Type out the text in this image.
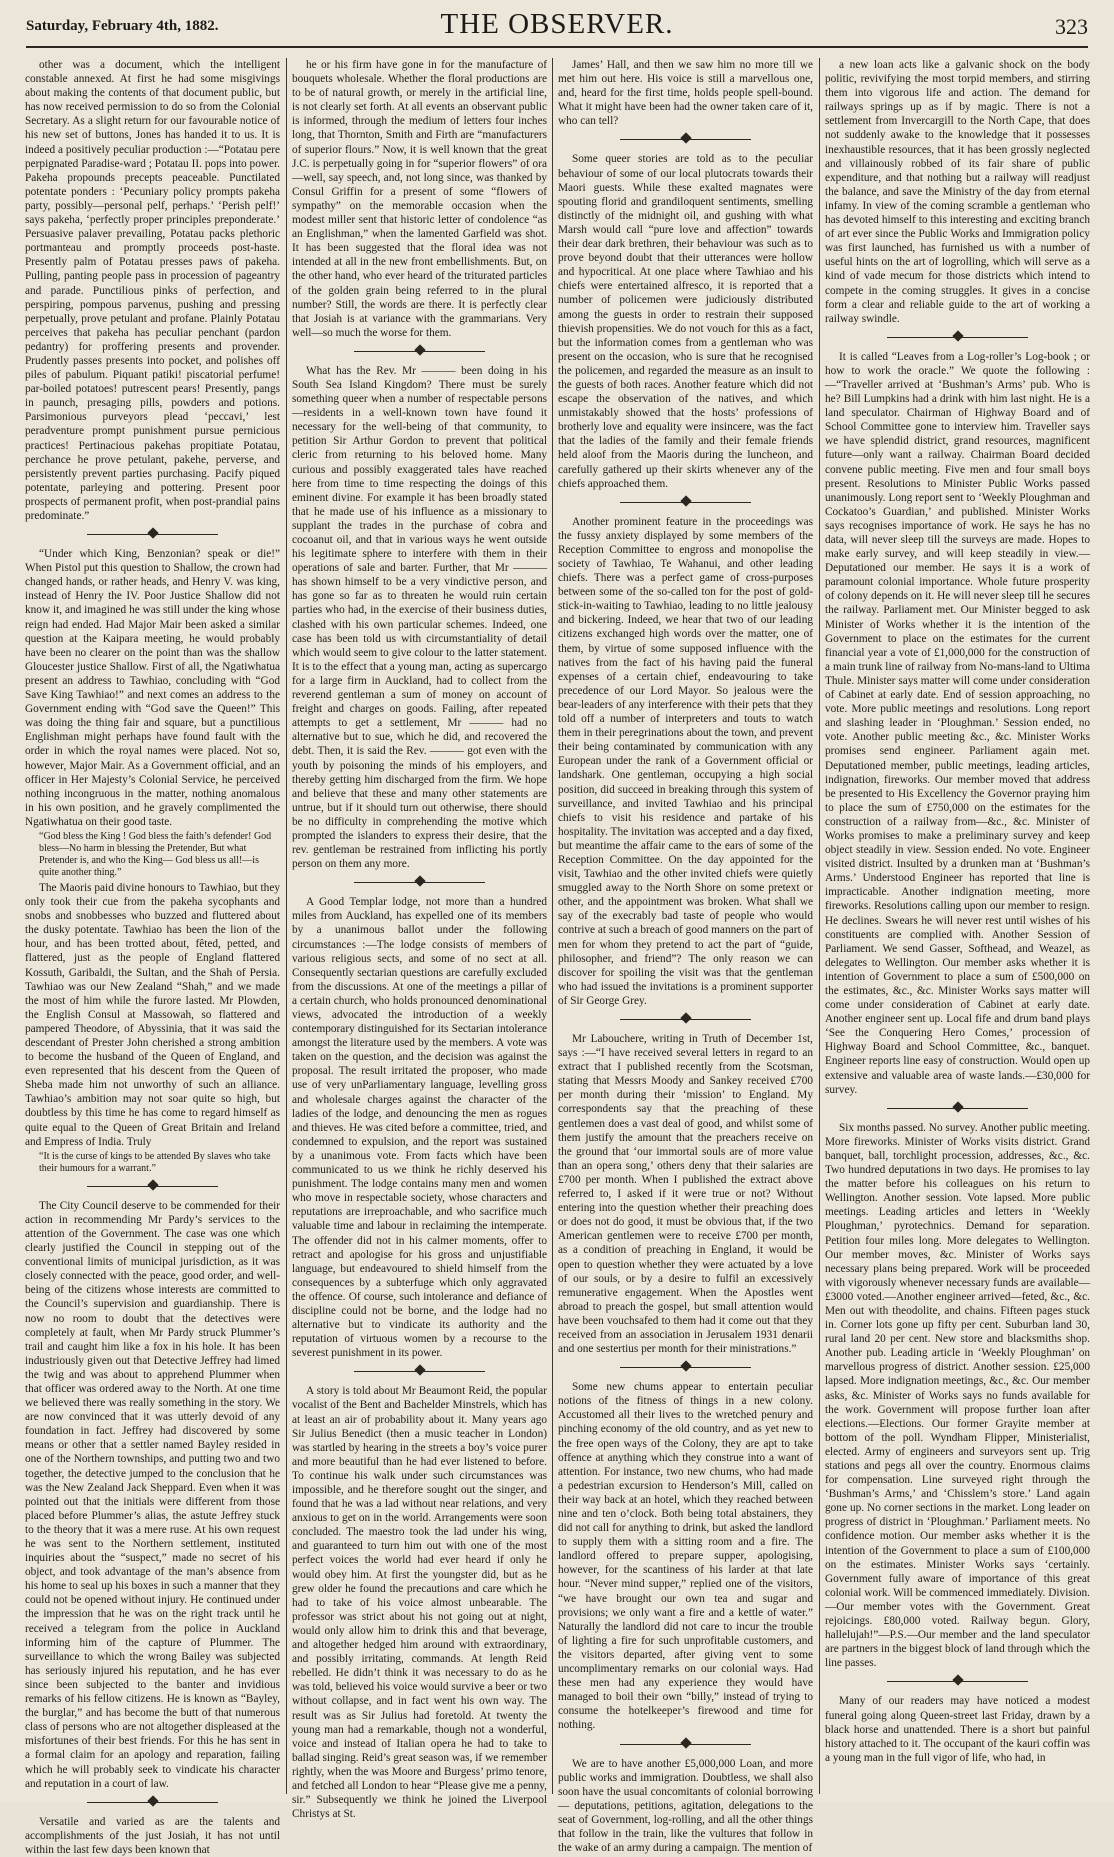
Saturday, February 4th, 1882.	THE OBSERVER.	323

other was a document, which the intelligent constable annexed. At first he had some misgivings about making the contents of that document public, but has now received permission to do so from the Colonial Secretary. As a slight return for our favourable notice of his new set of buttons, Jones has handed it to us. It is indeed a positively peculiar production :—“Potatau pere perpignated Paradise-ward ; Potatau II. pops into power. Pakeha propounds precepts peaceable. Punctilated potentate ponders : ‘Pecuniary policy prompts pakeha party, possibly—personal pelf, perhaps.’ ‘Perish pelf!’ says pakeha, ‘perfectly proper principles preponderate.’ Persuasive palaver prevailing, Potatau packs plethoric portmanteau and promptly proceeds post-haste. Presently palm of Potatau presses paws of pakeha. Pulling, panting people pass in procession of pageantry and parade. Punctilious pinks of perfection, and perspiring, pompous parvenus, pushing and pressing perpetually, prove petulant and profane. Plainly Potatau perceives that pakeha has peculiar penchant (pardon pedantry) for proffering presents and provender. Prudently passes presents into pocket, and polishes off piles of pabulum. Piquant patiki! piscatorial perfume! par-boiled potatoes! putrescent pears! Presently, pangs in paunch, presaging pills, powders and potions. Parsimonious purveyors plead ‘peccavi,’ lest peradventure prompt punishment pursue pernicious practices! Pertinacious pakehas propitiate Potatau, perchance he prove petulant, pakehe, perverse, and persistently prevent parties purchasing. Pacify piqued potentate, parleying and pottering. Present poor prospects of permanent profit, when post-prandial pains predominate.”

“Under which King, Benzonian? speak or die!” When Pistol put this question to Shallow, the crown had changed hands, or rather heads, and Henry V. was king, instead of Henry the IV. Poor Justice Shallow did not know it, and imagined he was still under the king whose reign had ended. Had Major Mair been asked a similar question at the Kaipara meeting, he would probably have been no clearer on the point than was the shallow Gloucester justice Shallow. First of all, the Ngatiwhatua present an address to Tawhiao, concluding with “God Save King Tawhiao!” and next comes an address to the Government ending with “God save the Queen!” This was doing the thing fair and square, but a punctilious Englishman might perhaps have found fault with the order in which the royal names were placed. Not so, however, Major Mair. As a Government official, and an officer in Her Majesty’s Colonial Service, he perceived nothing incongruous in the matter, nothing anomalous in his own position, and he gravely complimented the Ngatiwhatua on their good taste.

“God bless the King ! God bless the faith’s defender! God bless—No harm in blessing the Pretender, But what Pretender is, and who the King— God bless us all!—is quite another thing.”

The Maoris paid divine honours to Tawhiao, but they only took their cue from the pakeha sycophants and snobs and snobbesses who buzzed and fluttered about the dusky potentate. Tawhiao has been the lion of the hour, and has been trotted about, fêted, petted, and flattered, just as the people of England flattered Kossuth, Garibaldi, the Sultan, and the Shah of Persia. Tawhiao was our New Zealand “Shah,” and we made the most of him while the furore lasted. Mr Plowden, the English Consul at Massowah, so flattered and pampered Theodore, of Abyssinia, that it was said the descendant of Prester John cherished a strong ambition to become the husband of the Queen of England, and even represented that his descent from the Queen of Sheba made him not unworthy of such an alliance. Tawhiao’s ambition may not soar quite so high, but doubtless by this time he has come to regard himself as quite equal to the Queen of Great Britain and Ireland and Empress of India. Truly

“It is the curse of kings to be attended By slaves who take their humours for a warrant.”

The City Council deserve to be commended for their action in recommending Mr Pardy’s services to the attention of the Government. The case was one which clearly justified the Council in stepping out of the conventional limits of municipal jurisdiction, as it was closely connected with the peace, good order, and well-being of the citizens whose interests are committed to the Council’s supervision and guardianship. There is now no room to doubt that the detectives were completely at fault, when Mr Pardy struck Plummer’s trail and caught him like a fox in his hole. It has been industriously given out that Detective Jeffrey had limed the twig and was about to apprehend Plummer when that officer was ordered away to the North. At one time we believed there was really something in the story. We are now convinced that it was utterly devoid of any foundation in fact. Jeffrey had discovered by some means or other that a settler named Bayley resided in one of the Northern townships, and putting two and two together, the detective jumped to the conclusion that he was the New Zealand Jack Sheppard. Even when it was pointed out that the initials were different from those placed before Plummer’s alias, the astute Jeffrey stuck to the theory that it was a mere ruse. At his own request he was sent to the Northern settlement, instituted inquiries about the “suspect,” made no secret of his object, and took advantage of the man’s absence from his home to seal up his boxes in such a manner that they could not be opened without injury. He continued under the impression that he was on the right track until he received a telegram from the police in Auckland informing him of the capture of Plummer. The surveillance to which the wrong Bailey was subjected has seriously injured his reputation, and he has ever since been subjected to the banter and invidious remarks of his fellow citizens. He is known as “Bayley, the burglar,” and has become the butt of that numerous class of persons who are not altogether displeased at the misfortunes of their best friends. For this he has sent in a formal claim for an apology and reparation, failing which he will probably seek to vindicate his character and reputation in a court of law.

Versatile and varied as are the talents and accomplishments of the just Josiah, it has not until within the last few days been known that

he or his firm have gone in for the manufacture of bouquets wholesale. Whether the floral productions are to be of natural growth, or merely in the artificial line, is not clearly set forth. At all events an observant public is informed, through the medium of letters four inches long, that Thornton, Smith and Firth are “manufacturers of superior flours.” Now, it is well known that the great J.C. is perpetually going in for “superior flowers” of ora—well, say speech, and, not long since, was thanked by Consul Griffin for a present of some “flowers of sympathy” on the memorable occasion when the modest miller sent that historic letter of condolence “as an Englishman,” when the lamented Garfield was shot. It has been suggested that the floral idea was not intended at all in the new front embellishments. But, on the other hand, who ever heard of the triturated particles of the golden grain being referred to in the plural number? Still, the words are there. It is perfectly clear that Josiah is at variance with the grammarians. Very well—so much the worse for them.

What has the Rev. Mr ——— been doing in his South Sea Island Kingdom? There must be surely something queer when a number of respectable persons—residents in a well-known town have found it necessary for the well-being of that community, to petition Sir Arthur Gordon to prevent that political cleric from returning to his beloved home. Many curious and possibly exaggerated tales have reached here from time to time respecting the doings of this eminent divine. For example it has been broadly stated that he made use of his influence as a missionary to supplant the trades in the purchase of cobra and cocoanut oil, and that in various ways he went outside his legitimate sphere to interfere with them in their operations of sale and barter. Further, that Mr ——— has shown himself to be a very vindictive person, and has gone so far as to threaten he would ruin certain parties who had, in the exercise of their business duties, clashed with his own particular schemes. Indeed, one case has been told us with circumstantiality of detail which would seem to give colour to the latter statement. It is to the effect that a young man, acting as supercargo for a large firm in Auckland, had to collect from the reverend gentleman a sum of money on account of freight and charges on goods. Failing, after repeated attempts to get a settlement, Mr ——— had no alternative but to sue, which he did, and recovered the debt. Then, it is said the Rev. ——— got even with the youth by poisoning the minds of his employers, and thereby getting him discharged from the firm. We hope and believe that these and many other statements are untrue, but if it should turn out otherwise, there should be no difficulty in comprehending the motive which prompted the islanders to express their desire, that the rev. gentleman be restrained from inflicting his portly person on them any more.

A Good Templar lodge, not more than a hundred miles from Auckland, has expelled one of its members by a unanimous ballot under the following circumstances :—The lodge consists of members of various religious sects, and some of no sect at all. Consequently sectarian questions are carefully excluded from the discussions. At one of the meetings a pillar of a certain church, who holds pronounced denominational views, advocated the introduction of a weekly contemporary distinguished for its Sectarian intolerance amongst the literature used by the members. A vote was taken on the question, and the decision was against the proposal. The result irritated the proposer, who made use of very unParliamentary language, levelling gross and wholesale charges against the character of the ladies of the lodge, and denouncing the men as rogues and thieves. He was cited before a committee, tried, and condemned to expulsion, and the report was sustained by a unanimous vote. From facts which have been communicated to us we think he richly deserved his punishment. The lodge contains many men and women who move in respectable society, whose characters and reputations are irreproachable, and who sacrifice much valuable time and labour in reclaiming the intemperate. The offender did not in his calmer moments, offer to retract and apologise for his gross and unjustifiable language, but endeavoured to shield himself from the consequences by a subterfuge which only aggravated the offence. Of course, such intolerance and defiance of discipline could not be borne, and the lodge had no alternative but to vindicate its authority and the reputation of virtuous women by a recourse to the severest punishment in its power.

A story is told about Mr Beaumont Reid, the popular vocalist of the Bent and Bachelder Minstrels, which has at least an air of probability about it. Many years ago Sir Julius Benedict (then a music teacher in London) was startled by hearing in the streets a boy’s voice purer and more beautiful than he had ever listened to before. To continue his walk under such circumstances was impossible, and he therefore sought out the singer, and found that he was a lad without near relations, and very anxious to get on in the world. Arrangements were soon concluded. The maestro took the lad under his wing, and guaranteed to turn him out with one of the most perfect voices the world had ever heard if only he would obey him. At first the youngster did, but as he grew older he found the precautions and care which he had to take of his voice almost unbearable. The professor was strict about his not going out at night, would only allow him to drink this and that beverage, and altogether hedged him around with extraordinary, and possibly irritating, commands. At length Reid rebelled. He didn’t think it was necessary to do as he was told, believed his voice would survive a beer or two without collapse, and in fact went his own way. The result was as Sir Julius had foretold. At twenty the young man had a remarkable, though not a wonderful, voice and instead of Italian opera he had to take to ballad singing. Reid’s great season was, if we remember rightly, when the was Moore and Burgess’ primo tenore, and fetched all London to hear “Please give me a penny, sir.” Subsequently we think he joined the Liverpool Christys at St.

James’ Hall, and then we saw him no more till we met him out here. His voice is still a marvellous one, and, heard for the first time, holds people spell-bound. What it might have been had the owner taken care of it, who can tell?

Some queer stories are told as to the peculiar behaviour of some of our local plutocrats towards their Maori guests. While these exalted magnates were spouting florid and grandiloquent sentiments, smelling distinctly of the midnight oil, and gushing with what Marsh would call “pure love and affection” towards their dear dark brethren, their behaviour was such as to prove beyond doubt that their utterances were hollow and hypocritical. At one place where Tawhiao and his chiefs were entertained alfresco, it is reported that a number of policemen were judiciously distributed among the guests in order to restrain their supposed thievish propensities. We do not vouch for this as a fact, but the information comes from a gentleman who was present on the occasion, who is sure that he recognised the policemen, and regarded the measure as an insult to the guests of both races. Another feature which did not escape the observation of the natives, and which unmistakably showed that the hosts’ professions of brotherly love and equality were insincere, was the fact that the ladies of the family and their female friends held aloof from the Maoris during the luncheon, and carefully gathered up their skirts whenever any of the chiefs approached them.

Another prominent feature in the proceedings was the fussy anxiety displayed by some members of the Reception Committee to engross and monopolise the society of Tawhiao, Te Wahanui, and other leading chiefs. There was a perfect game of cross-purposes between some of the so-called ton for the post of gold-stick-in-waiting to Tawhiao, leading to no little jealousy and bickering. Indeed, we hear that two of our leading citizens exchanged high words over the matter, one of them, by virtue of some supposed influence with the natives from the fact of his having paid the funeral expenses of a certain chief, endeavouring to take precedence of our Lord Mayor. So jealous were the bear-leaders of any interference with their pets that they told off a number of interpreters and touts to watch them in their peregrinations about the town, and prevent their being contaminated by communication with any European under the rank of a Government official or landshark. One gentleman, occupying a high social position, did succeed in breaking through this system of surveillance, and invited Tawhiao and his principal chiefs to visit his residence and partake of his hospitality. The invitation was accepted and a day fixed, but meantime the affair came to the ears of some of the Reception Committee. On the day appointed for the visit, Tawhiao and the other invited chiefs were quietly smuggled away to the North Shore on some pretext or other, and the appointment was broken. What shall we say of the execrably bad taste of people who would contrive at such a breach of good manners on the part of men for whom they pretend to act the part of “guide, philosopher, and friend”? The only reason we can discover for spoiling the visit was that the gentleman who had issued the invitations is a prominent supporter of Sir George Grey.

Mr Labouchere, writing in Truth of December 1st, says :—“I have received several letters in regard to an extract that I published recently from the Scotsman, stating that Messrs Moody and Sankey received £700 per month during their ‘mission’ to England. My correspondents say that the preaching of these gentlemen does a vast deal of good, and whilst some of them justify the amount that the preachers receive on the ground that ‘our immortal souls are of more value than an opera song,’ others deny that their salaries are £700 per month. When I published the extract above referred to, I asked if it were true or not? Without entering into the question whether their preaching does or does not do good, it must be obvious that, if the two American gentlemen were to receive £700 per month, as a condition of preaching in England, it would be open to question whether they were actuated by a love of our souls, or by a desire to fulfil an excessively remunerative engagement. When the Apostles went abroad to preach the gospel, but small attention would have been vouchsafed to them had it come out that they received from an association in Jerusalem 1931 denarii and one sestertius per month for their ministrations.”

Some new chums appear to entertain peculiar notions of the fitness of things in a new colony. Accustomed all their lives to the wretched penury and pinching economy of the old country, and as yet new to the free open ways of the Colony, they are apt to take offence at anything which they construe into a want of attention. For instance, two new chums, who had made a pedestrian excursion to Henderson’s Mill, called on their way back at an hotel, which they reached between nine and ten o’clock. Both being total abstainers, they did not call for anything to drink, but asked the landlord to supply them with a sitting room and a fire. The landlord offered to prepare supper, apologising, however, for the scantiness of his larder at that late hour. “Never mind supper,” replied one of the visitors, “we have brought our own tea and sugar and provisions; we only want a fire and a kettle of water.” Naturally the landlord did not care to incur the trouble of lighting a fire for such unprofitable customers, and the visitors departed, after giving vent to some uncomplimentary remarks on our colonial ways. Had these men had any experience they would have managed to boil their own “billy,” instead of trying to consume the hotelkeeper’s firewood and time for nothing.

We are to have another £5,000,000 Loan, and more public works and immigration. Doubtless, we shall also soon have the usual concomitants of colonial borrowing — deputations, petitions, agitation, delegations to the seat of Government, log-rolling, and all the other things that follow in the train, like the vultures that follow in the wake of an army during a campaign. The mention of

a new loan acts like a galvanic shock on the body politic, revivifying the most torpid members, and stirring them into vigorous life and action. The demand for railways springs up as if by magic. There is not a settlement from Invercargill to the North Cape, that does not suddenly awake to the knowledge that it possesses inexhaustible resources, that it has been grossly neglected and villainously robbed of its fair share of public expenditure, and that nothing but a railway will readjust the balance, and save the Ministry of the day from eternal infamy. In view of the coming scramble a gentleman who has devoted himself to this interesting and exciting branch of art ever since the Public Works and Immigration policy was first launched, has furnished us with a number of useful hints on the art of logrolling, which will serve as a kind of vade mecum for those districts which intend to compete in the coming struggles. It gives in a concise form a clear and reliable guide to the art of working a railway swindle.

It is called “Leaves from a Log-roller’s Log-book ; or how to work the oracle.” We quote the following :—“Traveller arrived at ‘Bushman’s Arms’ pub. Who is he? Bill Lumpkins had a drink with him last night. He is a land speculator. Chairman of Highway Board and of School Committee gone to interview him. Traveller says we have splendid district, grand resources, magnificent future—only want a railway. Chairman Board decided convene public meeting. Five men and four small boys present. Resolutions to Minister Public Works passed unanimously. Long report sent to ‘Weekly Ploughman and Cockatoo’s Guardian,’ and published. Minister Works says recognises importance of work. He says he has no data, will never sleep till the surveys are made. Hopes to make early survey, and will keep steadily in view.—Deputationed our member. He says it is a work of paramount colonial importance. Whole future prosperity of colony depends on it. He will never sleep till he secures the railway. Parliament met. Our Minister begged to ask Minister of Works whether it is the intention of the Government to place on the estimates for the current financial year a vote of £1,000,000 for the construction of a main trunk line of railway from No-mans-land to Ultima Thule. Minister says matter will come under consideration of Cabinet at early date. End of session approaching, no vote. More public meetings and resolutions. Long report and slashing leader in ‘Ploughman.’ Session ended, no vote. Another public meeting &c., &c. Minister Works promises send engineer. Parliament again met. Deputationed member, public meetings, leading articles, indignation, fireworks. Our member moved that address be presented to His Excellency the Governor praying him to place the sum of £750,000 on the estimates for the construction of a railway from—&c., &c. Minister of Works promises to make a preliminary survey and keep object steadily in view. Session ended. No vote. Engineer visited district. Insulted by a drunken man at ‘Bushman’s Arms.’ Understood Engineer has reported that line is impracticable. Another indignation meeting, more fireworks. Resolutions calling upon our member to resign. He declines. Swears he will never rest until wishes of his constituents are complied with. Another Session of Parliament. We send Gasser, Softhead, and Weazel, as delegates to Wellington. Our member asks whether it is intention of Government to place a sum of £500,000 on the estimates, &c., &c. Minister Works says matter will come under consideration of Cabinet at early date. Another engineer sent up. Local fife and drum band plays ‘See the Conquering Hero Comes,’ procession of Highway Board and School Committee, &c., banquet. Engineer reports line easy of construction. Would open up extensive and valuable area of waste lands.—£30,000 for survey.

Six months passed. No survey. Another public meeting. More fireworks. Minister of Works visits district. Grand banquet, ball, torchlight procession, addresses, &c., &c. Two hundred deputations in two days. He promises to lay the matter before his colleagues on his return to Wellington. Another session. Vote lapsed. More public meetings. Leading articles and letters in ‘Weekly Ploughman,’ pyrotechnics. Demand for separation. Petition four miles long. More delegates to Wellington. Our member moves, &c. Minister of Works says necessary plans being prepared. Work will be proceeded with vigorously whenever necessary funds are available—£3000 voted.—Another engineer arrived—feted, &c., &c. Men out with theodolite, and chains. Fifteen pages stuck in. Corner lots gone up fifty per cent. Suburban land 30, rural land 20 per cent. New store and blacksmiths shop. Another pub. Leading article in ‘Weekly Ploughman’ on marvellous progress of district. Another session. £25,000 lapsed. More indignation meetings, &c., &c. Our member asks, &c. Minister of Works says no funds available for the work. Government will propose further loan after elections.—Elections. Our former Grayite member at bottom of the poll. Wyndham Flipper, Ministerialist, elected. Army of engineers and surveyors sent up. Trig stations and pegs all over the country. Enormous claims for compensation. Line surveyed right through the ‘Bushman’s Arms,’ and ‘Chisslem’s store.’ Land again gone up. No corner sections in the market. Long leader on progress of district in ‘Ploughman.’ Parliament meets. No confidence motion. Our member asks whether it is the intention of the Government to place a sum of £100,000 on the estimates. Minister Works says ‘certainly. Government fully aware of importance of this great colonial work. Will be commenced immediately. Division.—Our member votes with the Government. Great rejoicings. £80,000 voted. Railway begun. Glory, hallelujah!”—P.S.—Our member and the land speculator are partners in the biggest block of land through which the line passes.

Many of our readers may have noticed a modest funeral going along Queen-street last Friday, drawn by a black horse and unattended. There is a short but painful history attached to it. The occupant of the kauri coffin was a young man in the full vigor of life, who had, in
